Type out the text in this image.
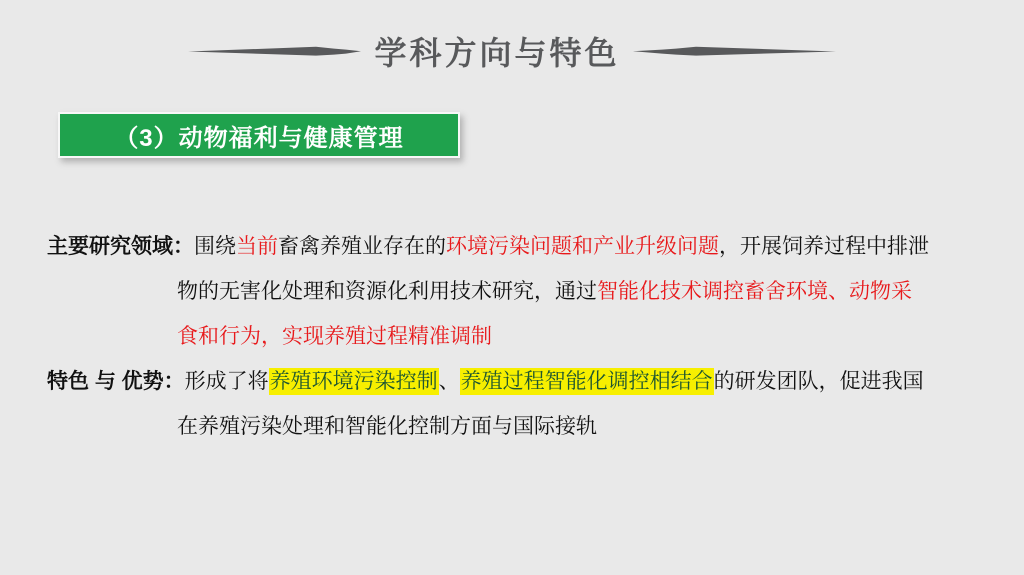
学科方向与特色
（3）动物福利与健康管理
主要研究领域：围绕当前畜禽养殖业存在的环境污染问题和产业升级问题，开展饲养过程中排泄
物的无害化处理和资源化利用技术研究，通过智能化技术调控畜舍环境、动物采
食和行为，实现养殖过程精准调制
特色 与 优势：形成了将养殖环境污染控制、养殖过程智能化调控相结合的研发团队，促进我国
在养殖污染处理和智能化控制方面与国际接轨
